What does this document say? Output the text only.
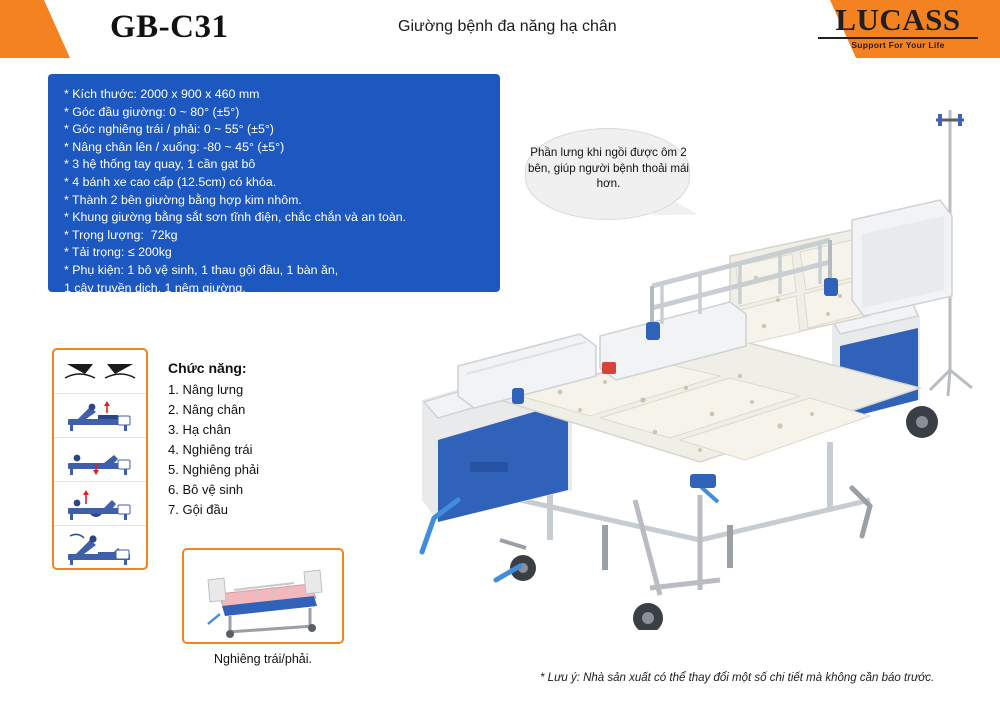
GB-C31	Giường bệnh đa năng hạ chân	LUCASS
Support For Your Life
* Kích thước: 2000 x 900 x 460 mm
* Góc đầu giường: 0 ~ 80° (±5°)
* Góc nghiêng trái / phải: 0 ~ 55° (±5°)
* Nâng chân lên / xuống: -80 ~ 45° (±5°)
* 3 hệ thống tay quay, 1 cần gạt bô
* 4 bánh xe cao cấp (12.5cm) có khóa.
* Thành 2 bên giường bằng hợp kim nhôm.
* Khung giường bằng sắt sơn tĩnh điện, chắc chắn và an toàn.
* Trọng lượng:  72kg
* Tải trọng: ≤ 200kg
* Phụ kiện: 1 bô vệ sinh, 1 thau gội đầu, 1 bàn ăn,
1 cây truyền dịch, 1 nệm giường.
Chức năng:
1. Nâng lưng
2. Nâng chân
3. Hạ chân
4. Nghiêng trái
5. Nghiêng phải
6. Bô vệ sinh
7. Gội đầu
Nghiêng trái/phải.
Phần lưng khi ngồi được ôm 2 bên, giúp người bệnh thoải mái hơn.
* Lưu ý: Nhà sản xuất có thể thay đổi một số chi tiết mà không cần báo trước.
